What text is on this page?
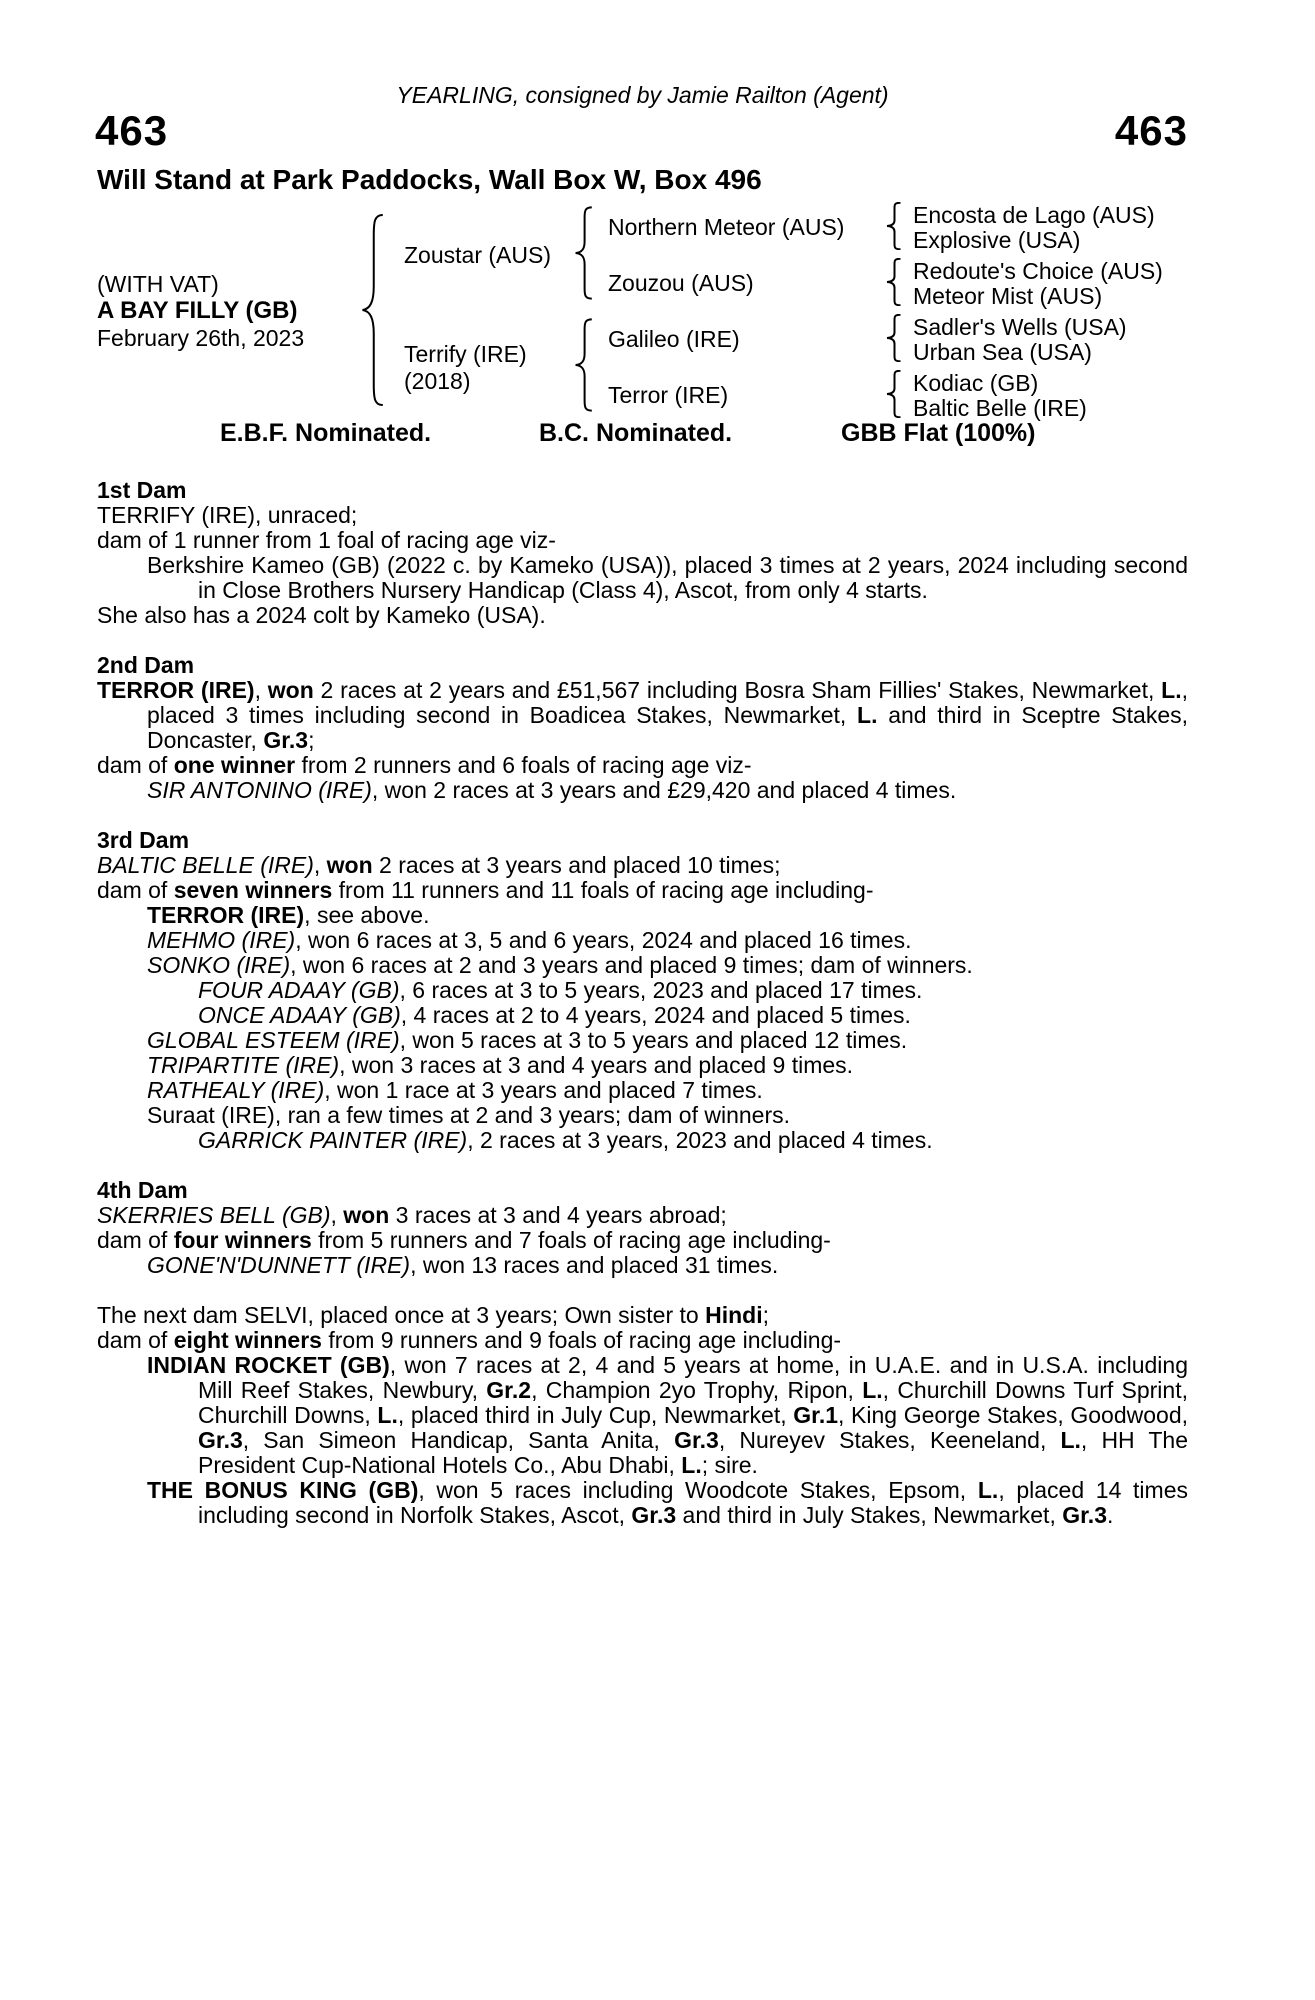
YEARLING, consigned by Jamie Railton (Agent)
463	463
Will Stand at Park Paddocks, Wall Box W, Box 496
(WITH VAT)
A BAY FILLY (GB)
February 26th, 2023
Zoustar (AUS)
Terrify (IRE)
(2018)
Northern Meteor (AUS)
Zouzou (AUS)
Galileo (IRE)
Terror (IRE)
Encosta de Lago (AUS)
Explosive (USA)
Redoute's Choice (AUS)
Meteor Mist (AUS)
Sadler's Wells (USA)
Urban Sea (USA)
Kodiac (GB)
Baltic Belle (IRE)
E.B.F. Nominated.	B.C. Nominated.	GBB Flat (100%)

1st Dam

TERRIFY (IRE), unraced;

dam of 1 runner from 1 foal of racing age viz-

Berkshire Kameo (GB) (2022 c. by Kameko (USA)), placed 3 times at 2 years, 2024 including second in Close Brothers Nursery Handicap (Class 4), Ascot, from only 4 starts.

She also has a 2024 colt by Kameko (USA).

2nd Dam

TERROR (IRE), won 2 races at 2 years and £51,567 including Bosra Sham Fillies' Stakes, Newmarket, L., placed 3 times including second in Boadicea Stakes, Newmarket, L. and third in Sceptre Stakes, Doncaster, Gr.3;

dam of one winner from 2 runners and 6 foals of racing age viz-

SIR ANTONINO (IRE), won 2 races at 3 years and £29,420 and placed 4 times.

3rd Dam

BALTIC BELLE (IRE), won 2 races at 3 years and placed 10 times;

dam of seven winners from 11 runners and 11 foals of racing age including-

TERROR (IRE), see above.

MEHMO (IRE), won 6 races at 3, 5 and 6 years, 2024 and placed 16 times.

SONKO (IRE), won 6 races at 2 and 3 years and placed 9 times; dam of winners.

FOUR ADAAY (GB), 6 races at 3 to 5 years, 2023 and placed 17 times.

ONCE ADAAY (GB), 4 races at 2 to 4 years, 2024 and placed 5 times.

GLOBAL ESTEEM (IRE), won 5 races at 3 to 5 years and placed 12 times.

TRIPARTITE (IRE), won 3 races at 3 and 4 years and placed 9 times.

RATHEALY (IRE), won 1 race at 3 years and placed 7 times.

Suraat (IRE), ran a few times at 2 and 3 years; dam of winners.

GARRICK PAINTER (IRE), 2 races at 3 years, 2023 and placed 4 times.

4th Dam

SKERRIES BELL (GB), won 3 races at 3 and 4 years abroad;

dam of four winners from 5 runners and 7 foals of racing age including-

GONE'N'DUNNETT (IRE), won 13 races and placed 31 times.

The next dam SELVI, placed once at 3 years; Own sister to Hindi;

dam of eight winners from 9 runners and 9 foals of racing age including-

INDIAN ROCKET (GB), won 7 races at 2, 4 and 5 years at home, in U.A.E. and in U.S.A. including Mill Reef Stakes, Newbury, Gr.2, Champion 2yo Trophy, Ripon, L., Churchill Downs Turf Sprint, Churchill Downs, L., placed third in July Cup, Newmarket, Gr.1, King George Stakes, Goodwood, Gr.3, San Simeon Handicap, Santa Anita, Gr.3, Nureyev Stakes, Keeneland, L., HH The President Cup-National Hotels Co., Abu Dhabi, L.; sire.

THE BONUS KING (GB), won 5 races including Woodcote Stakes, Epsom, L., placed 14 times including second in Norfolk Stakes, Ascot, Gr.3 and third in July Stakes, Newmarket, Gr.3.
